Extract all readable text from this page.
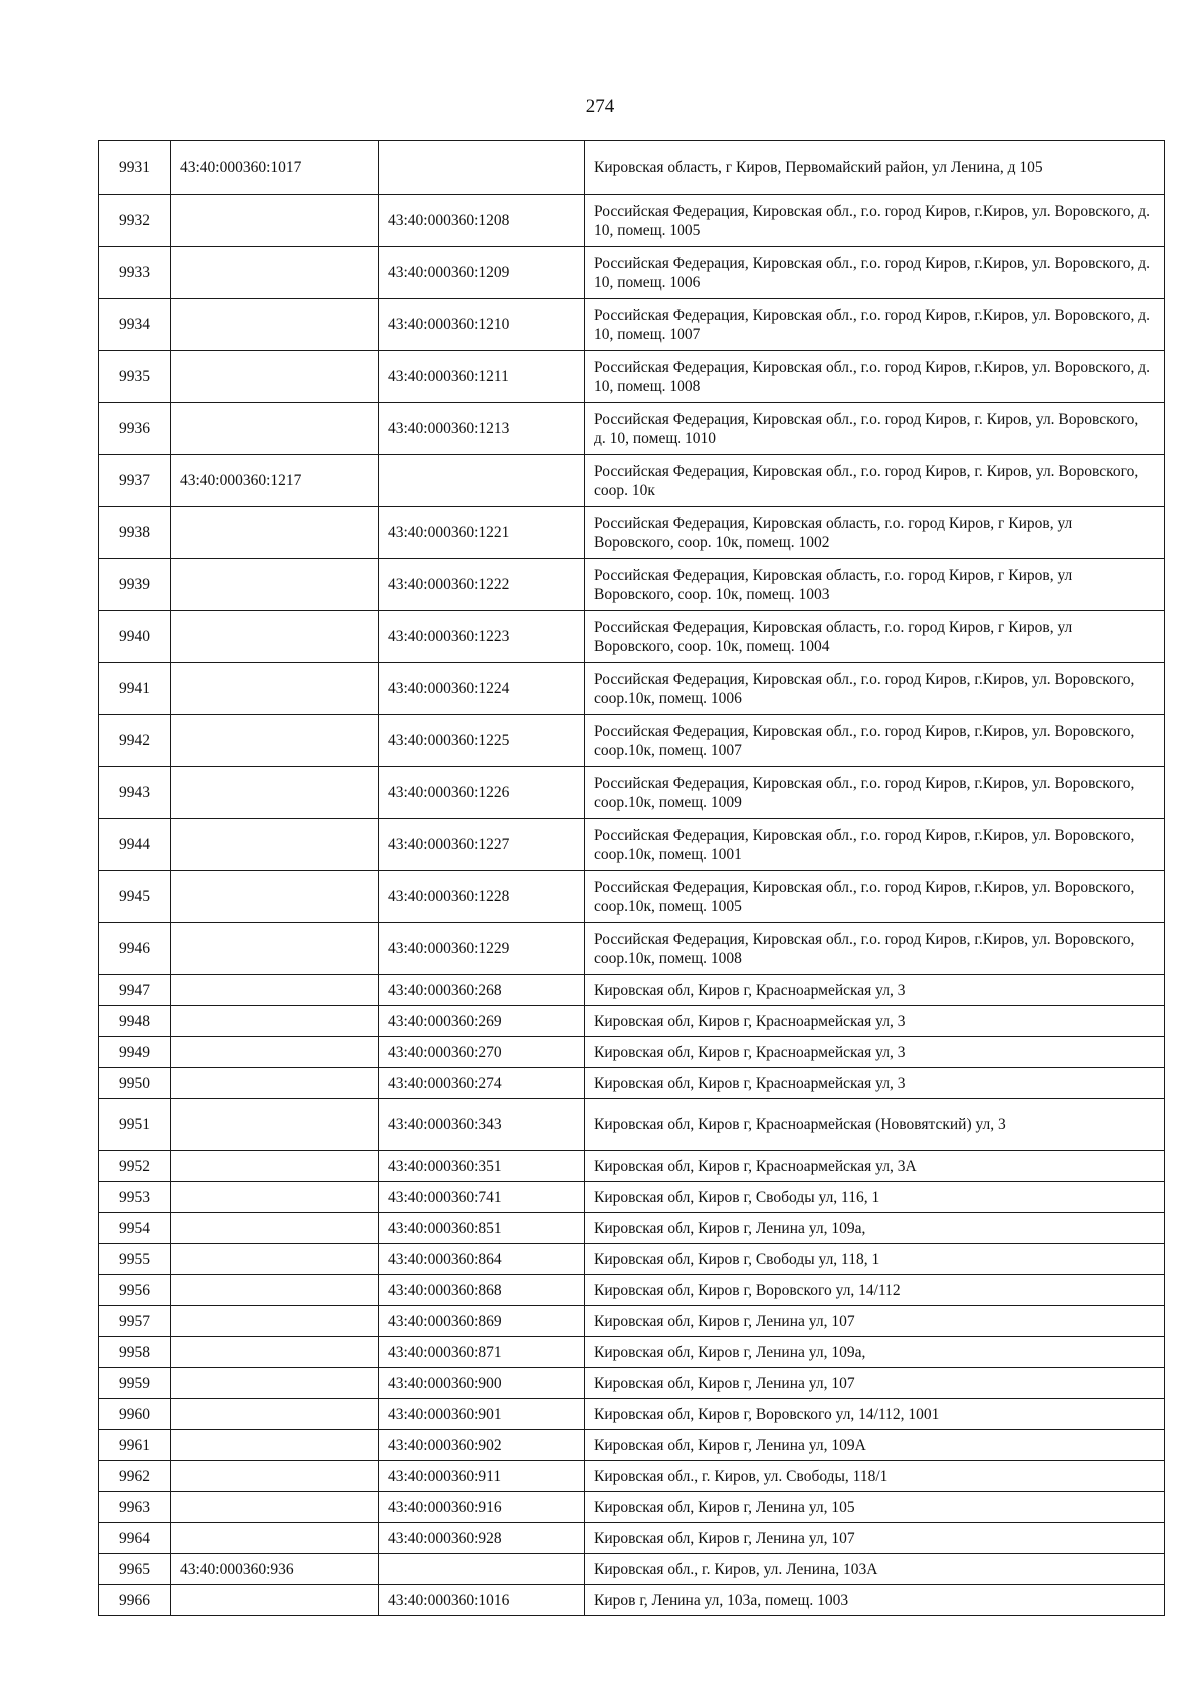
274
9931	43:40:000360:1017		Кировская область, г Киров, Первомайский район, ул Ленина, д 105
9932		43:40:000360:1208	Российская Федерация, Кировская обл., г.о. город Киров, г.Киров, ул. Воровского, д. 10, помещ. 1005
9933		43:40:000360:1209	Российская Федерация, Кировская обл., г.о. город Киров, г.Киров, ул. Воровского, д. 10, помещ. 1006
9934		43:40:000360:1210	Российская Федерация, Кировская обл., г.о. город Киров, г.Киров, ул. Воровского, д. 10, помещ. 1007
9935		43:40:000360:1211	Российская Федерация, Кировская обл., г.о. город Киров, г.Киров, ул. Воровского, д. 10, помещ. 1008
9936		43:40:000360:1213	Российская Федерация, Кировская обл., г.о. город Киров, г. Киров, ул. Воровского, д. 10, помещ. 1010
9937	43:40:000360:1217		Российская Федерация, Кировская обл., г.о. город Киров, г. Киров, ул. Воровского, соор. 10к
9938		43:40:000360:1221	Российская Федерация, Кировская область, г.о. город Киров, г Киров, ул Воровского, соор. 10к, помещ. 1002
9939		43:40:000360:1222	Российская Федерация, Кировская область, г.о. город Киров, г Киров, ул Воровского, соор. 10к, помещ. 1003
9940		43:40:000360:1223	Российская Федерация, Кировская область, г.о. город Киров, г Киров, ул Воровского, соор. 10к, помещ. 1004
9941		43:40:000360:1224	Российская Федерация, Кировская обл., г.о. город Киров, г.Киров, ул. Воровского, соор.10к, помещ. 1006
9942		43:40:000360:1225	Российская Федерация, Кировская обл., г.о. город Киров, г.Киров, ул. Воровского, соор.10к, помещ. 1007
9943		43:40:000360:1226	Российская Федерация, Кировская обл., г.о. город Киров, г.Киров, ул. Воровского, соор.10к, помещ. 1009
9944		43:40:000360:1227	Российская Федерация, Кировская обл., г.о. город Киров, г.Киров, ул. Воровского, соор.10к, помещ. 1001
9945		43:40:000360:1228	Российская Федерация, Кировская обл., г.о. город Киров, г.Киров, ул. Воровского, соор.10к, помещ. 1005
9946		43:40:000360:1229	Российская Федерация, Кировская обл., г.о. город Киров, г.Киров, ул. Воровского, соор.10к, помещ. 1008
9947		43:40:000360:268	Кировская обл, Киров г, Красноармейская ул, 3
9948		43:40:000360:269	Кировская обл, Киров г, Красноармейская ул, 3
9949		43:40:000360:270	Кировская обл, Киров г, Красноармейская ул, 3
9950		43:40:000360:274	Кировская обл, Киров г, Красноармейская ул, 3
9951		43:40:000360:343	Кировская обл, Киров г, Красноармейская (Нововятский) ул, 3
9952		43:40:000360:351	Кировская обл, Киров г, Красноармейская ул, 3А
9953		43:40:000360:741	Кировская обл, Киров г, Свободы ул, 116, 1
9954		43:40:000360:851	Кировская обл, Киров г, Ленина ул, 109а,
9955		43:40:000360:864	Кировская обл, Киров г, Свободы ул, 118, 1
9956		43:40:000360:868	Кировская обл, Киров г, Воровского ул, 14/112
9957		43:40:000360:869	Кировская обл, Киров г, Ленина ул, 107
9958		43:40:000360:871	Кировская обл, Киров г, Ленина ул, 109а,
9959		43:40:000360:900	Кировская обл, Киров г, Ленина ул, 107
9960		43:40:000360:901	Кировская обл, Киров г, Воровского ул, 14/112, 1001
9961		43:40:000360:902	Кировская обл, Киров г, Ленина ул, 109А
9962		43:40:000360:911	Кировская обл., г. Киров, ул. Свободы, 118/1
9963		43:40:000360:916	Кировская обл, Киров г, Ленина ул, 105
9964		43:40:000360:928	Кировская обл, Киров г, Ленина ул, 107
9965	43:40:000360:936		Кировская обл., г. Киров, ул. Ленина, 103А
9966		43:40:000360:1016	Киров г, Ленина ул, 103а, помещ. 1003
